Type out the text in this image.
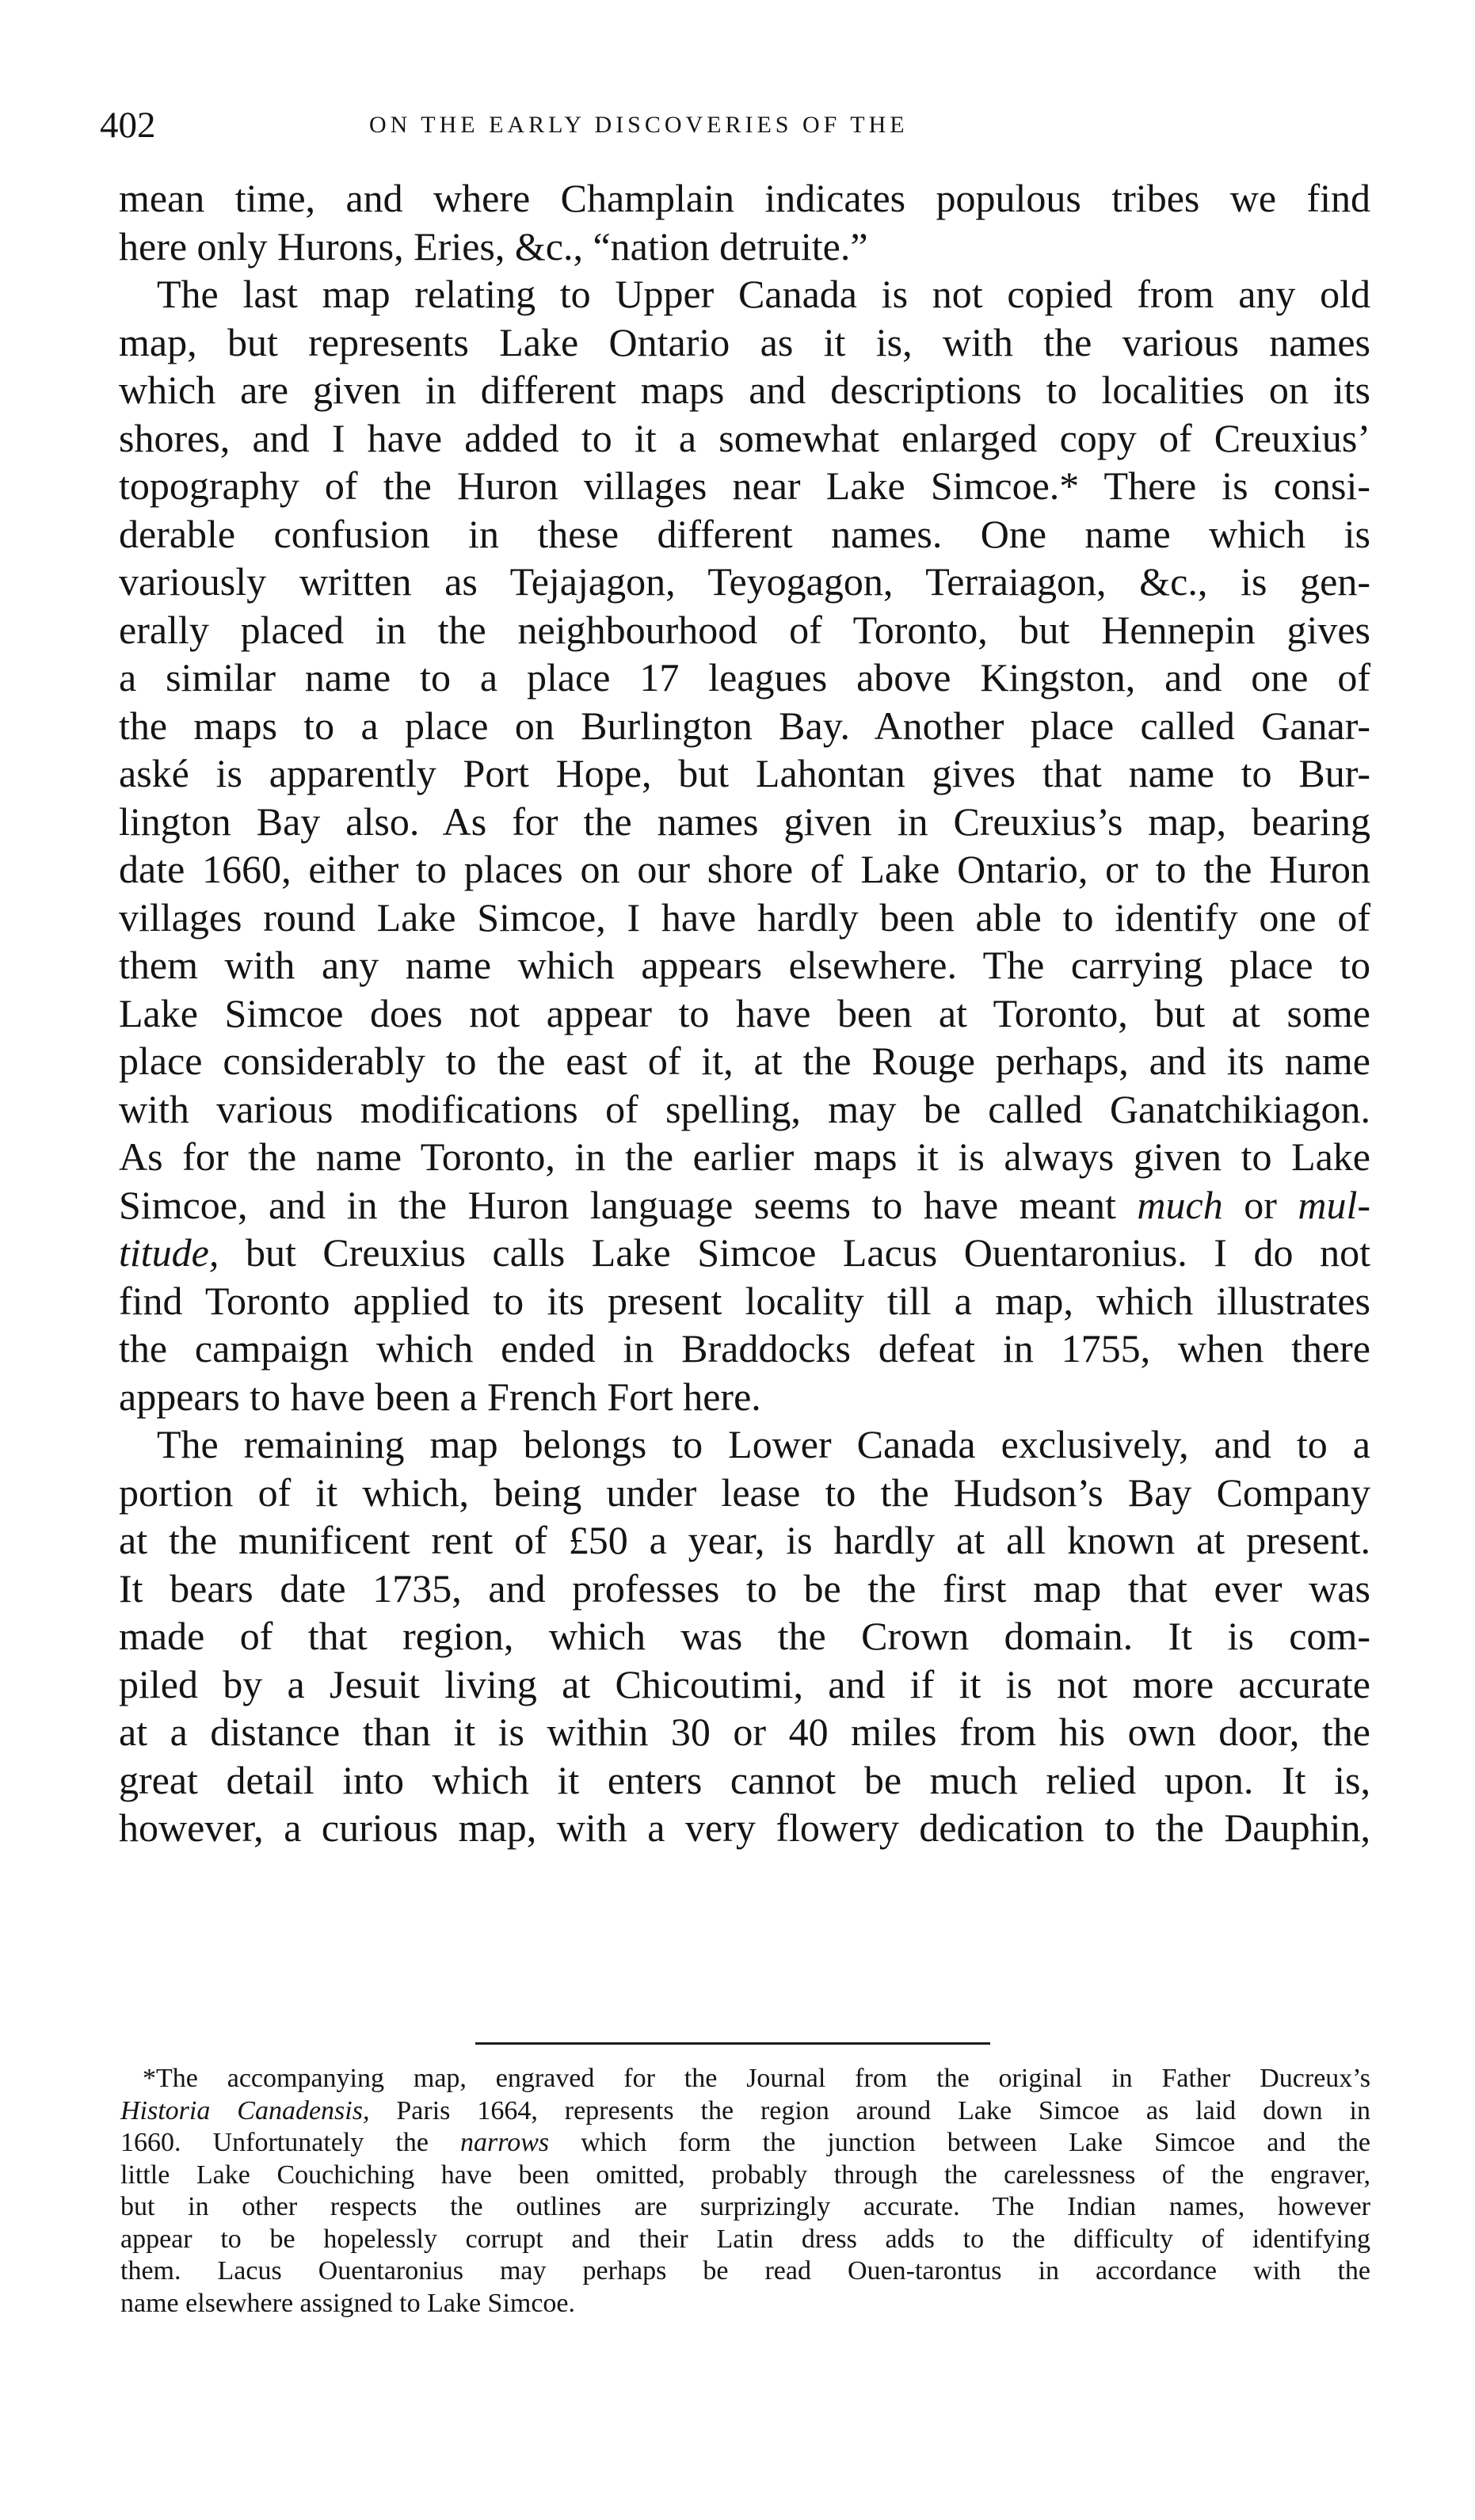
402	ON THE EARLY DISCOVERIES OF THE
mean time, and where Champlain indicates populous tribes we find
here only Hurons, Eries, &c., “nation detruite.”
The last map relating to Upper Canada is not copied from any old
map, but represents Lake Ontario as it is, with the various names
which are given in different maps and descriptions to localities on its
shores, and I have added to it a somewhat enlarged copy of Creuxius’
topography of the Huron villages near Lake Simcoe.* There is consi-
derable confusion in these different names. One name which is
variously written as Tejajagon, Teyogagon, Terraiagon, &c., is gen-
erally placed in the neighbourhood of Toronto, but Hennepin gives
a similar name to a place 17 leagues above Kingston, and one of
the maps to a place on Burlington Bay. Another place called Ganar-
aské is apparently Port Hope, but Lahontan gives that name to Bur-
lington Bay also. As for the names given in Creuxius’s map, bearing
date 1660, either to places on our shore of Lake Ontario, or to the Huron
villages round Lake Simcoe, I have hardly been able to identify one of
them with any name which appears elsewhere. The carrying place to
Lake Simcoe does not appear to have been at Toronto, but at some
place considerably to the east of it, at the Rouge perhaps, and its name
with various modifications of spelling, may be called Ganatchikiagon.
As for the name Toronto, in the earlier maps it is always given to Lake
Simcoe, and in the Huron language seems to have meant much or mul-
titude, but Creuxius calls Lake Simcoe Lacus Ouentaronius. I do not
find Toronto applied to its present locality till a map, which illustrates
the campaign which ended in Braddocks defeat in 1755, when there
appears to have been a French Fort here.
The remaining map belongs to Lower Canada exclusively, and to a
portion of it which, being under lease to the Hudson’s Bay Company
at the munificent rent of £50 a year, is hardly at all known at present.
It bears date 1735, and professes to be the first map that ever was
made of that region, which was the Crown domain. It is com-
piled by a Jesuit living at Chicoutimi, and if it is not more accurate
at a distance than it is within 30 or 40 miles from his own door, the
great detail into which it enters cannot be much relied upon. It is,
however, a curious map, with a very flowery dedication to the Dauphin,
*The accompanying map, engraved for the Journal from the original in Father Ducreux’s
Historia Canadensis, Paris 1664, represents the region around Lake Simcoe as laid down in
1660. Unfortunately the narrows which form the junction between Lake Simcoe and the
little Lake Couchiching have been omitted, probably through the carelessness of the engraver,
but in other respects the outlines are surprizingly accurate. The Indian names, however
appear to be hopelessly corrupt and their Latin dress adds to the difficulty of identifying
them. Lacus Ouentaronius may perhaps be read Ouen-tarontus in accordance with the
name elsewhere assigned to Lake Simcoe.
